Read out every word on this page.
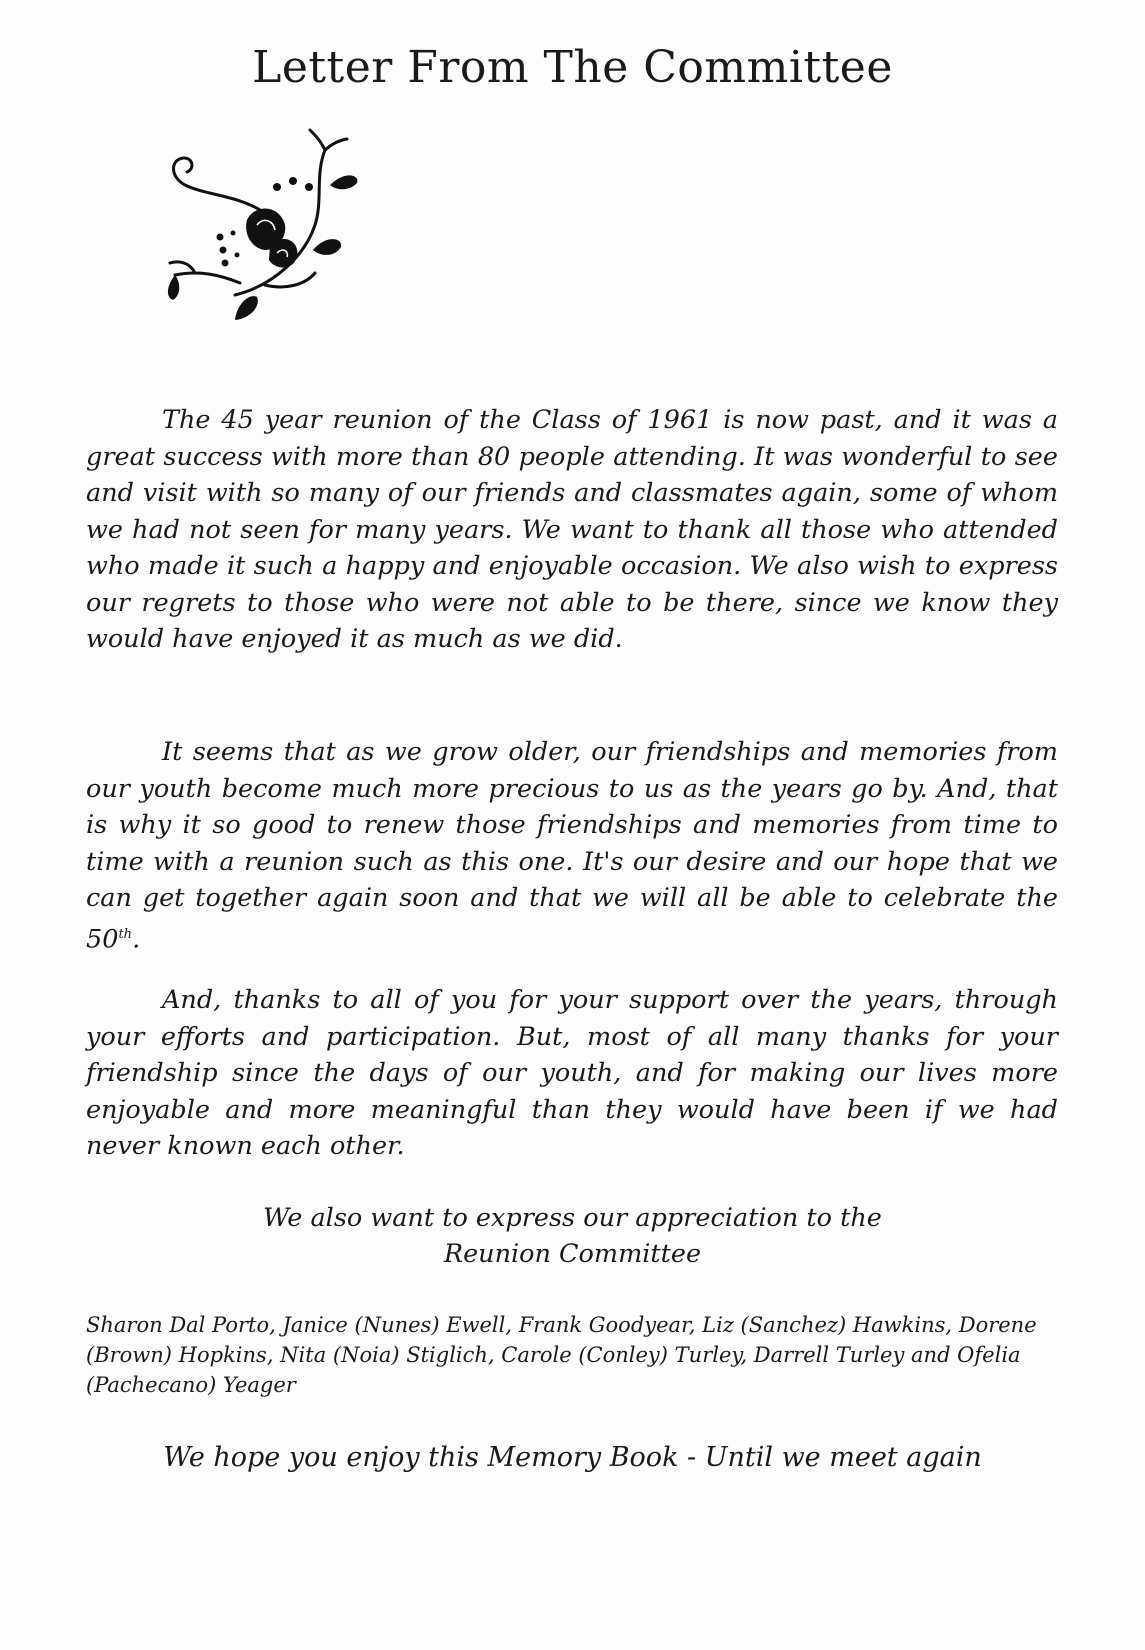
Letter From The Committee

The 45 year reunion of the Class of 1961 is now past, and it was a great success with more than 80 people attending. It was wonderful to see and visit with so many of our friends and classmates again, some of whom we had not seen for many years. We want to thank all those who attended who made it such a happy and enjoyable occasion. We also wish to express our regrets to those who were not able to be there, since we know they would have enjoyed it as much as we did.

It seems that as we grow older, our friendships and memories from our youth become much more precious to us as the years go by. And, that is why it so good to renew those friendships and memories from time to time with a reunion such as this one. It's our desire and our hope that we can get together again soon and that we will all be able to celebrate the 50th.

And, thanks to all of you for your support over the years, through your efforts and participation. But, most of all many thanks for your friendship since the days of our youth, and for making our lives more enjoyable and more meaningful than they would have been if we had never known each other.

We also want to express our appreciation to the
Reunion Committee

Sharon Dal Porto, Janice (Nunes) Ewell, Frank Goodyear, Liz (Sanchez) Hawkins, Dorene (Brown) Hopkins, Nita (Noia) Stiglich, Carole (Conley) Turley, Darrell Turley and Ofelia (Pachecano) Yeager

We hope you enjoy this Memory Book - Until we meet again
